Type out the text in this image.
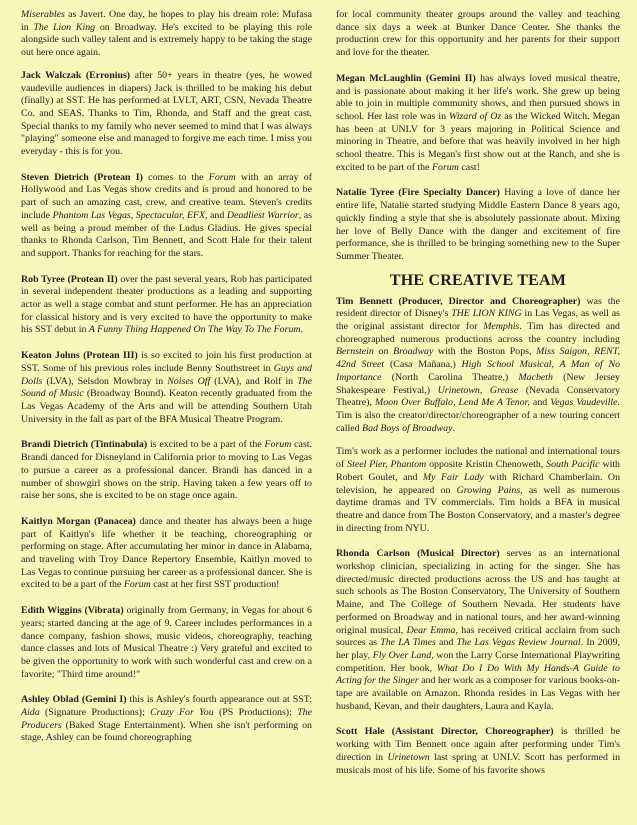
Miserables as Javert. One day, he hopes to play his dream role: Mufasa in The Lion King on Broadway. He's excited to be playing this role alongside such valley talent and is extremely happy to be taking the stage out here once again.

Jack Walczak (Erronius) after 50+ years in theatre (yes, he wowed vaudeville audiences in diapers) Jack is thrilled to be making his debut (finally) at SST. He has performed at LVLT, ART, CSN, Nevada Theatre Co. and SEAS. Thanks to Tim, Rhonda, and Staff and the great cast. Special thanks to my family who never seemed to mind that I was always "playing" someone else and managed to forgive me each time. I miss you everyday - this is for you.

Steven Dietrich (Protean I) comes to the Forum with an array of Hollywood and Las Vegas show credits and is proud and honored to be part of such an amazing cast, crew, and creative team. Steven's credits include Phantom Las Vegas, Spectacular, EFX, and Deadliest Warrior, as well as being a proud member of the Ludus Gladius. He gives special thanks to Rhonda Carlson, Tim Bennett, and Scott Hale for their talent and support. Thanks for reaching for the stars.

Rob Tyree (Protean II) over the past several years, Rob has participated in several independent theater productions as a leading and supporting actor as well a stage combat and stunt performer. He has an appreciation for classical history and is very excited to have the opportunity to make his SST debut in A Funny Thing Happened On The Way To The Forum.

Keaton Johns (Protean III) is so excited to join his first production at SST. Some of his previous roles include Benny Southstreet in Guys and Dolls (LVA), Selsdon Mowbray in Noises Off (LVA), and Rolf in The Sound of Music (Broadway Bound). Keaton recently graduated from the Las Vegas Academy of the Arts and will be attending Southern Utah University in the fall as part of the BFA Musical Theatre Program.

Brandi Dietrich (Tintinabula) is excited to be a part of the Forum cast. Brandi danced for Disneyland in California prior to moving to Las Vegas to pursue a career as a professional dancer. Brandi has danced in a number of showgirl shows on the strip. Having taken a few years off to raise her sons, she is excited to be on stage once again.

Kaitlyn Morgan (Panacea) dance and theater has always been a huge part of Kaitlyn's life whether it be teaching, choreographing or performing on stage. After accumulating her minor in dance in Alabama, and traveling with Troy Dance Repertory Ensemble, Kaitlyn moved to Las Vegas to continue pursuing her career as a professional dancer. She is excited to be a part of the Forum cast at her first SST production!

Edith Wiggins (Vibrata) originally from Germany, in Vegas for about 6 years; started dancing at the age of 9. Career includes performances in a dance company, fashion shows, music videos, choreography, teaching dance classes and lots of Musical Theatre :) Very grateful and excited to be given the opportunity to work with such wonderful cast and crew on a favorite; "Third time around!"

Ashley Oblad (Gemini I) this is Ashley's fourth appearance out at SST: Aida (Signature Productions); Crazy For You (PS Productions); The Producers (Baked Stage Entertainment). When she isn't performing on stage, Ashley can be found choreographing

for local community theater groups around the valley and teaching dance six days a week at Bunker Dance Center. She thanks the production crew for this opportunity and her parents for their support and love for the theater.

Megan McLaughlin (Gemini II) has always loved musical theatre, and is passionate about making it her life's work. She grew up being able to join in multiple community shows, and then pursued shows in school. Her last role was in Wizard of Oz as the Wicked Witch. Megan has been at UNLV for 3 years majoring in Political Science and minoring in Theatre, and before that was heavily involved in her high school theatre. This is Megan's first show out at the Ranch, and she is excited to be part of the Forum cast!

Natalie Tyree (Fire Specialty Dancer) Having a love of dance her entire life, Natalie started studying Middle Eastern Dance 8 years ago, quickly finding a style that she is absolutely passionate about. Mixing her love of Belly Dance with the danger and excitement of fire performance, she is thrilled to be bringing something new to the Super Summer Theater.

THE CREATIVE TEAM

Tim Bennett (Producer, Director and Choreographer) was the resident director of Disney's THE LION KING in Las Vegas, as well as the original assistant director for Memphis. Tim has directed and choreographed numerous productions across the country including Bernstein on Broadway with the Boston Pops, Miss Saigon, RENT, 42nd Street (Casa Mañana,) High School Musical, A Man of No Importance (North Carolina Theatre,) Macbeth (New Jersey Shakespeare Festival,) Urinetown, Grease (Nevada Conservatory Theatre), Moon Over Buffalo, Lend Me A Tenor, and Vegas Vaudeville. Tim is also the creator/director/choreographer of a new touring concert called Bad Boys of Broadway.

Tim's work as a performer includes the national and international tours of Steel Pier, Phantom opposite Kristin Chenoweth, South Pacific with Robert Goulet, and My Fair Lady with Richard Chamberlain. On television, he appeared on Growing Pains, as well as numerous daytime dramas and TV commercials. Tim holds a BFA in musical theatre and dance from The Boston Conservatory, and a master's degree in directing from NYU.

Rhonda Carlson (Musical Director) serves as an international workshop clinician, specializing in acting for the singer. She has directed/music directed productions across the US and has taught at such schools as The Boston Conservatory, The University of Southern Maine, and The College of Southern Nevada. Her students have performed on Broadway and in national tours, and her award-winning original musical, Dear Emma, has received critical acclaim from such sources as The LA Times and The Las Vegas Review Journal. In 2009, her play, Fly Over Land, won the Larry Corse International Playwriting competition. Her book, What Do I Do With My Hands-A Guide to Acting for the Singer and her work as a composer for various books-on-tape are available on Amazon. Rhonda resides in Las Vegas with her husband, Kevan, and their daughters, Laura and Kayla.

Scott Hale (Assistant Director, Choreographer) is thrilled be working with Tim Bennett once again after performing under Tim's direction in Urinetown last spring at UNLV. Scott has performed in musicals most of his life. Some of his favorite shows
